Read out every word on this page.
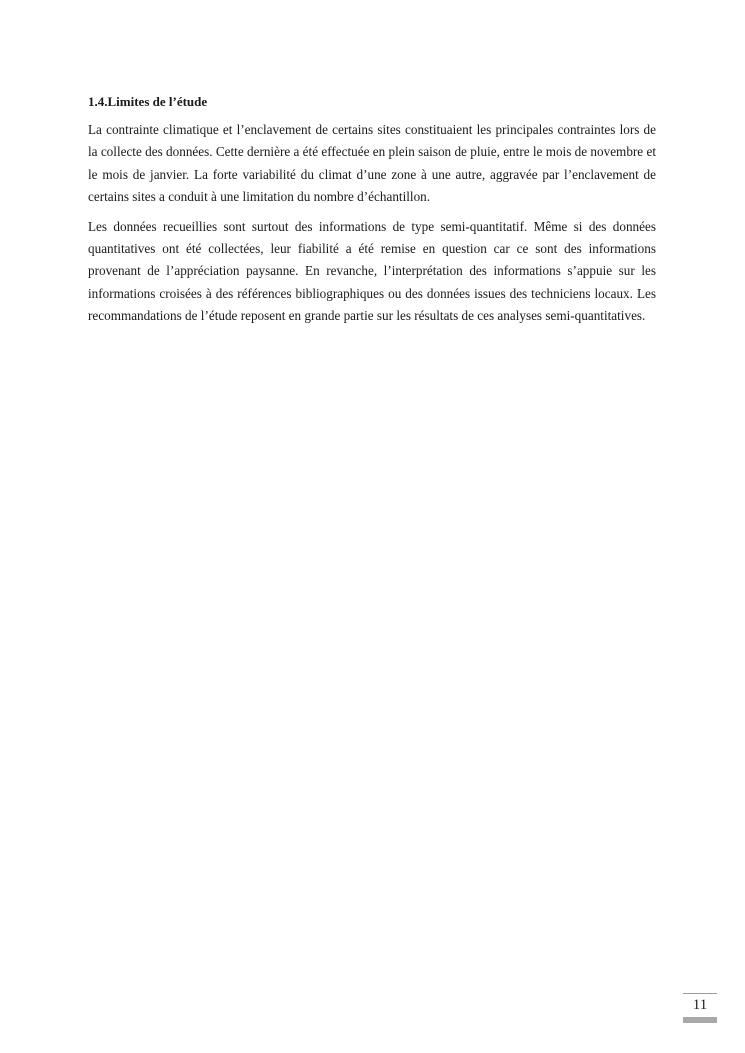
1.4.Limites de l’étude

La contrainte climatique et l’enclavement de certains sites constituaient les principales contraintes lors de la collecte des données. Cette dernière a été effectuée en plein saison de pluie, entre le mois de novembre et le mois de janvier. La forte variabilité du climat d’une zone à une autre, aggravée par l’enclavement de certains sites a conduit à une limitation du nombre d’échantillon.

Les données recueillies sont surtout des informations de type semi-quantitatif. Même si des données quantitatives ont été collectées, leur fiabilité a été remise en question car ce sont des informations provenant de l’appréciation paysanne. En revanche, l’interprétation des informations s’appuie sur les informations croisées à des références bibliographiques ou des données issues des techniciens locaux. Les recommandations de l’étude reposent en grande partie sur les résultats de ces analyses semi-quantitatives.

11
